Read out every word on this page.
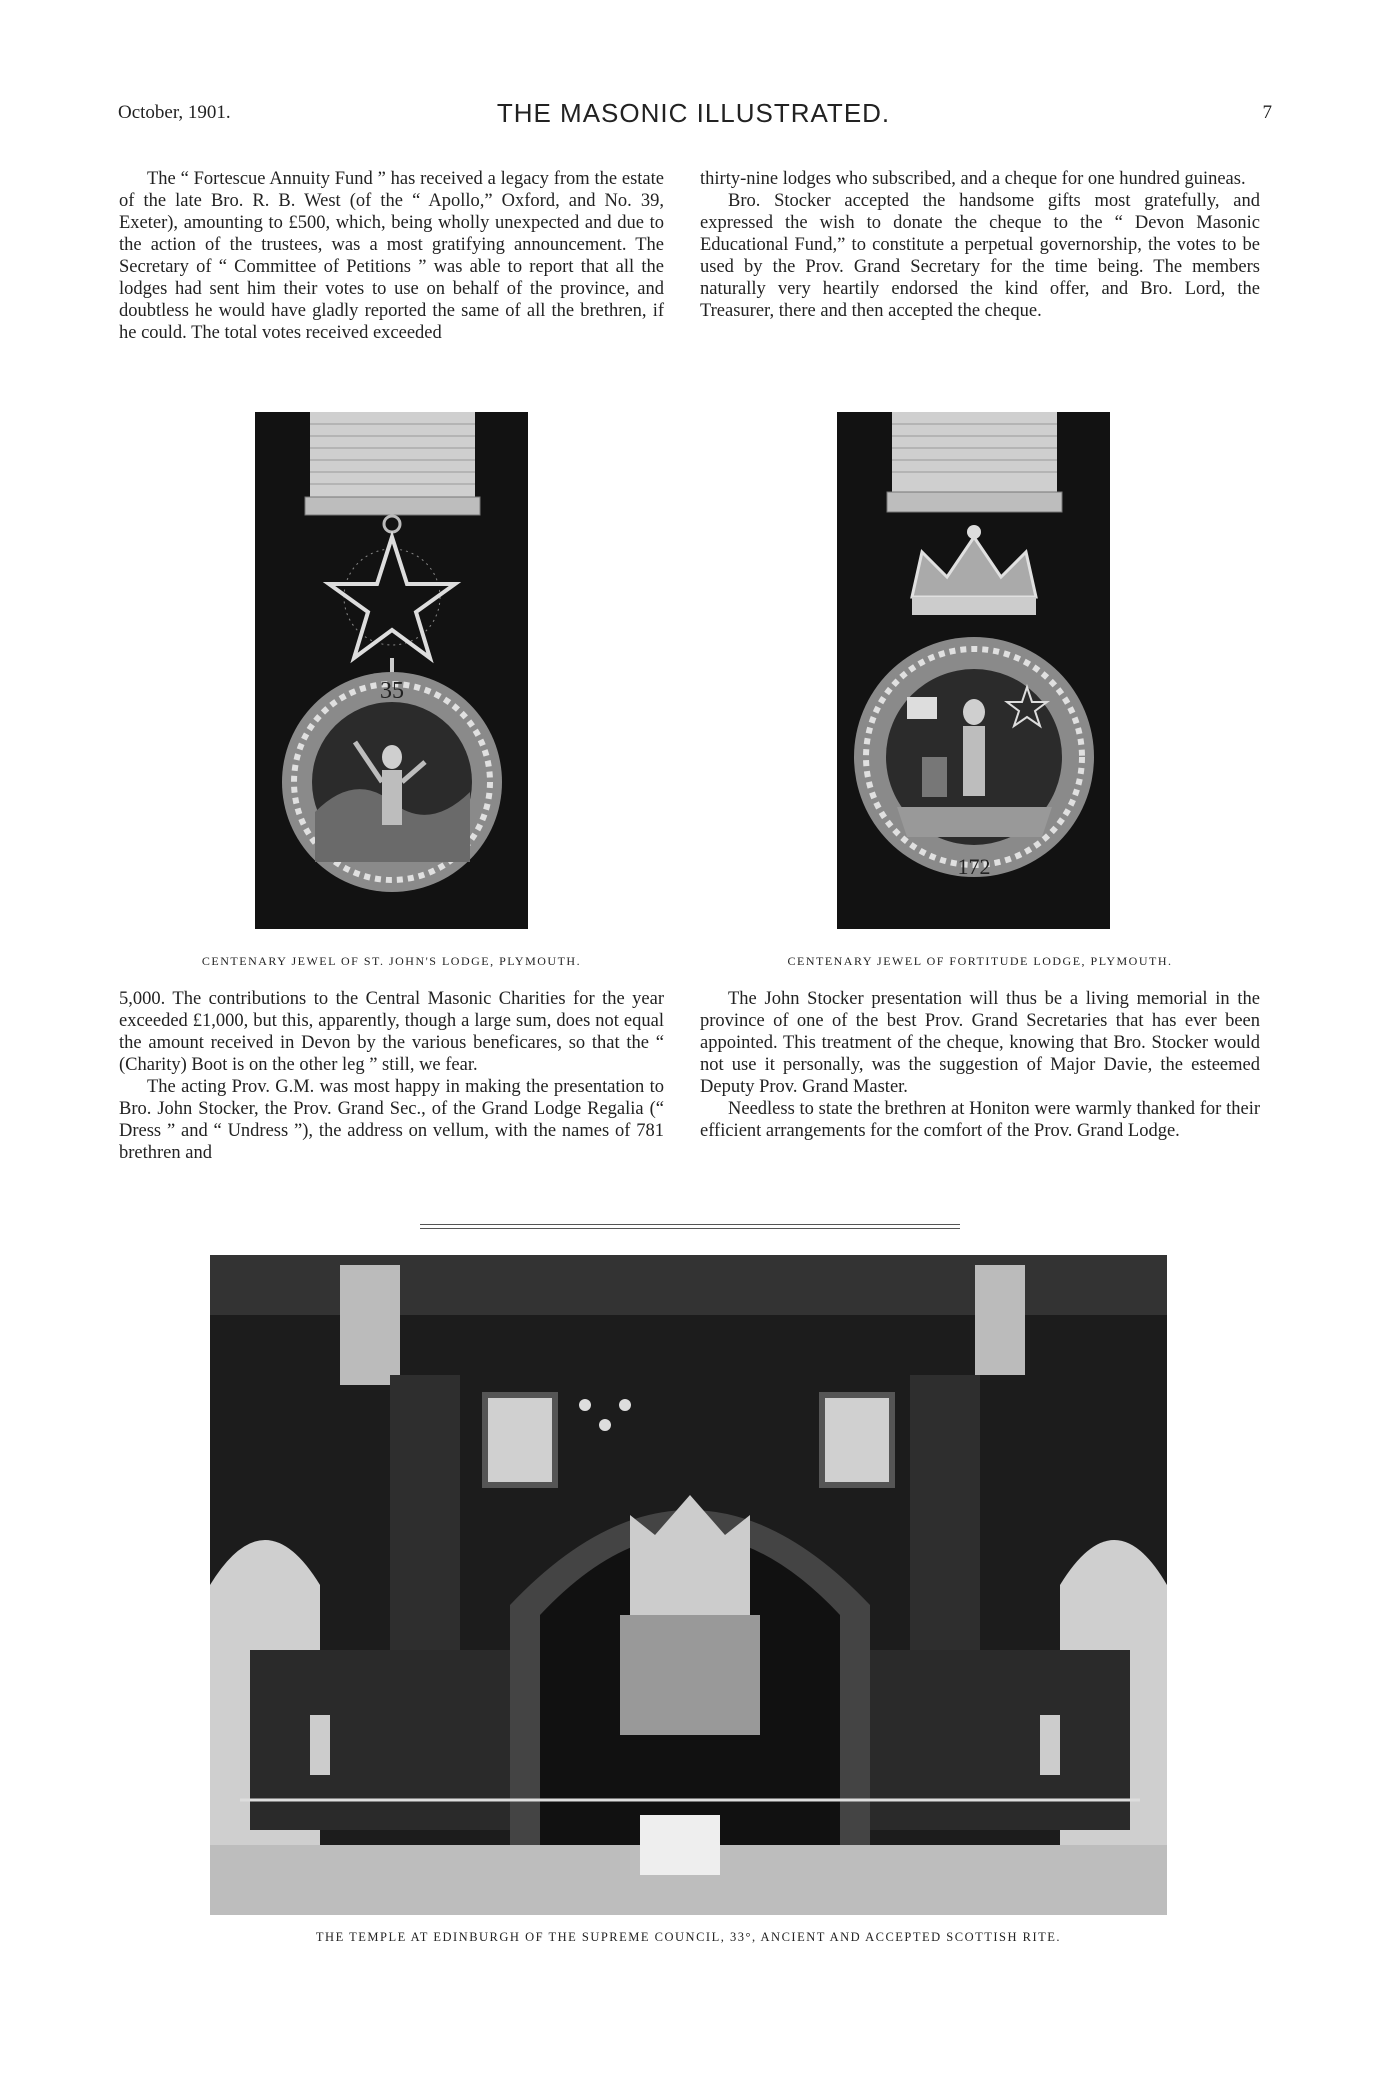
October, 1901.	THE MASONIC ILLUSTRATED.	7

The “ Fortescue Annuity Fund ” has received a legacy from the estate of the late Bro. R. B. West (of the “ Apollo,” Oxford, and No. 39, Exeter), amounting to £500, which, being wholly unexpected and due to the action of the trustees, was a most gratifying announcement. The Secretary of “ Committee of Petitions ” was able to report that all the lodges had sent him their votes to use on behalf of the province, and doubtless he would have gladly reported the same of all the brethren, if he could. The total votes received exceeded

thirty-nine lodges who subscribed, and a cheque for one hundred guineas.

Bro. Stocker accepted the handsome gifts most gratefully, and expressed the wish to donate the cheque to the “ Devon Masonic Educational Fund,” to constitute a perpetual governorship, the votes to be used by the Prov. Grand Secretary for the time being. The members naturally very heartily endorsed the kind offer, and Bro. Lord, the Treasurer, there and then accepted the cheque.

35
172
CENTENARY JEWEL OF ST. JOHN'S LODGE, PLYMOUTH.	CENTENARY JEWEL OF FORTITUDE LODGE, PLYMOUTH.

5,000. The contributions to the Central Masonic Charities for the year exceeded £1,000, but this, apparently, though a large sum, does not equal the amount received in Devon by the various beneficares, so that the “ (Charity) Boot is on the other leg ” still, we fear.

The acting Prov. G.M. was most happy in making the presentation to Bro. John Stocker, the Prov. Grand Sec., of the Grand Lodge Regalia (“ Dress ” and “ Undress ”), the address on vellum, with the names of 781 brethren and

The John Stocker presentation will thus be a living memorial in the province of one of the best Prov. Grand Secretaries that has ever been appointed. This treatment of the cheque, knowing that Bro. Stocker would not use it personally, was the suggestion of Major Davie, the esteemed Deputy Prov. Grand Master.

Needless to state the brethren at Honiton were warmly thanked for their efficient arrangements for the comfort of the Prov. Grand Lodge.

THE TEMPLE AT EDINBURGH OF THE SUPREME COUNCIL, 33°, ANCIENT AND ACCEPTED SCOTTISH RITE.
